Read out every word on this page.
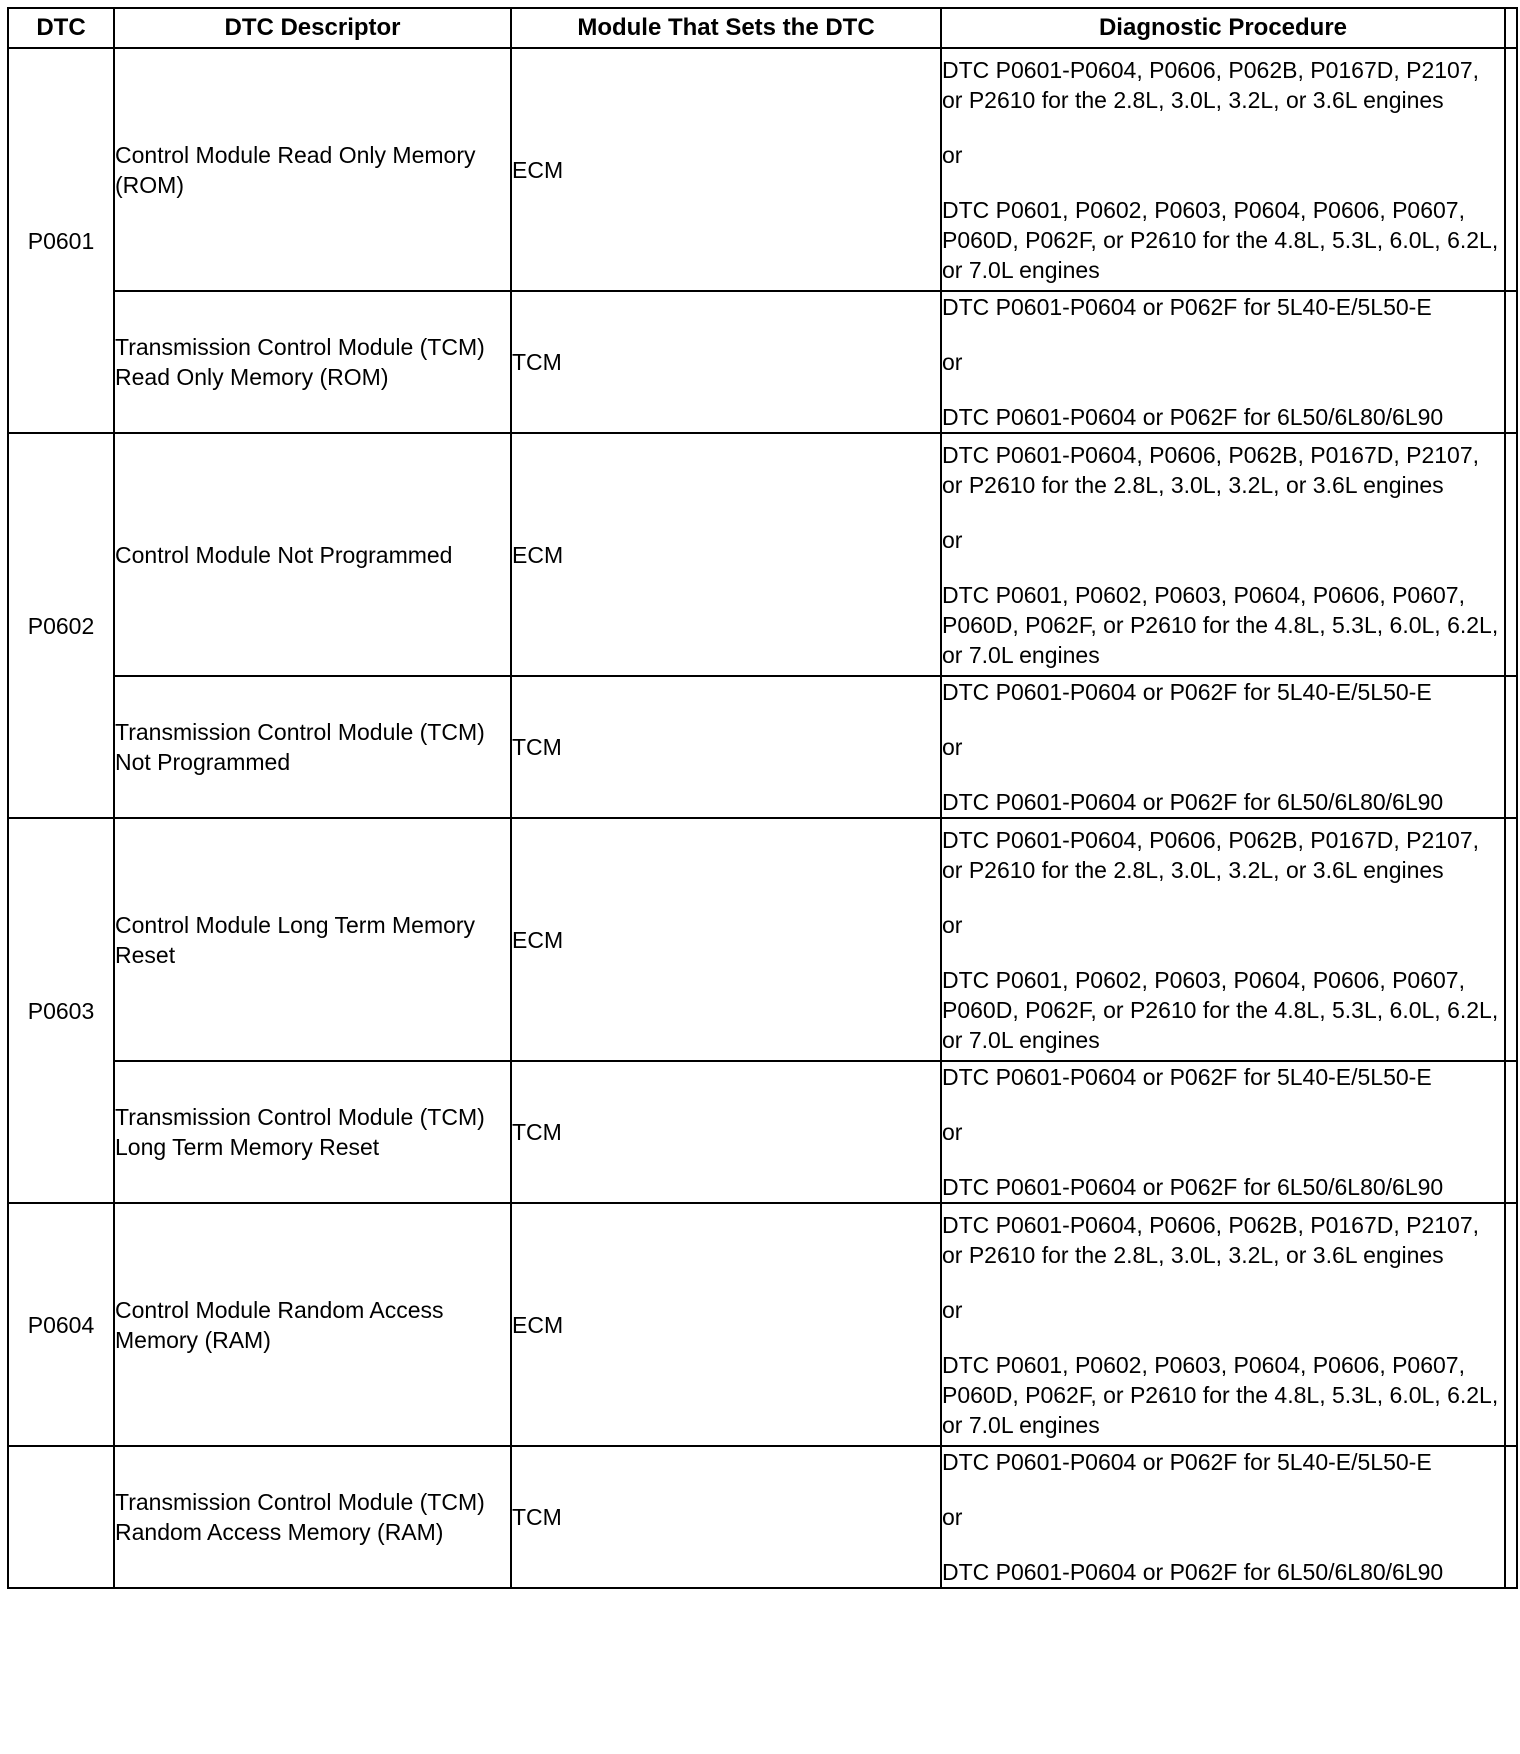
DTC	DTC Descriptor	Module That Sets the DTC	Diagnostic Procedure	
P0601	Control Module Read Only Memory (ROM)	ECM	DTC P0601-P0604, P0606, P062B, P0167D, P2107, or P2610 for the 2.8L, 3.0L, 3.2L, or 3.6L engines
or
DTC P0601, P0602, P0603, P0604, P0606, P0607, P060D, P062F, or P2610 for the 4.8L, 5.3L, 6.0L, 6.2L, or 7.0L engines	

	Transmission Control Module (TCM) Read Only Memory (ROM)	TCM	DTC P0601-P0604 or P062F for 5L40-E/5L50-E
or
DTC P0601-P0604 or P062F for 6L50/6L80/6L90	

P0602	Control Module Not Programmed	ECM	DTC P0601-P0604, P0606, P062B, P0167D, P2107, or P2610 for the 2.8L, 3.0L, 3.2L, or 3.6L engines
or
DTC P0601, P0602, P0603, P0604, P0606, P0607, P060D, P062F, or P2610 for the 4.8L, 5.3L, 6.0L, 6.2L, or 7.0L engines	

	Transmission Control Module (TCM) Not Programmed	TCM	DTC P0601-P0604 or P062F for 5L40-E/5L50-E
or
DTC P0601-P0604 or P062F for 6L50/6L80/6L90	

P0603	Control Module Long Term Memory Reset	ECM	DTC P0601-P0604, P0606, P062B, P0167D, P2107, or P2610 for the 2.8L, 3.0L, 3.2L, or 3.6L engines
or
DTC P0601, P0602, P0603, P0604, P0606, P0607, P060D, P062F, or P2610 for the 4.8L, 5.3L, 6.0L, 6.2L, or 7.0L engines	

	Transmission Control Module (TCM) Long Term Memory Reset	TCM	DTC P0601-P0604 or P062F for 5L40-E/5L50-E
or
DTC P0601-P0604 or P062F for 6L50/6L80/6L90	

P0604	Control Module Random Access Memory (RAM)	ECM	DTC P0601-P0604, P0606, P062B, P0167D, P2107, or P2610 for the 2.8L, 3.0L, 3.2L, or 3.6L engines
or
DTC P0601, P0602, P0603, P0604, P0606, P0607, P060D, P062F, or P2610 for the 4.8L, 5.3L, 6.0L, 6.2L, or 7.0L engines	

	Transmission Control Module (TCM) Random Access Memory (RAM)	TCM	DTC P0601-P0604 or P062F for 5L40-E/5L50-E
or
DTC P0601-P0604 or P062F for 6L50/6L80/6L90	
